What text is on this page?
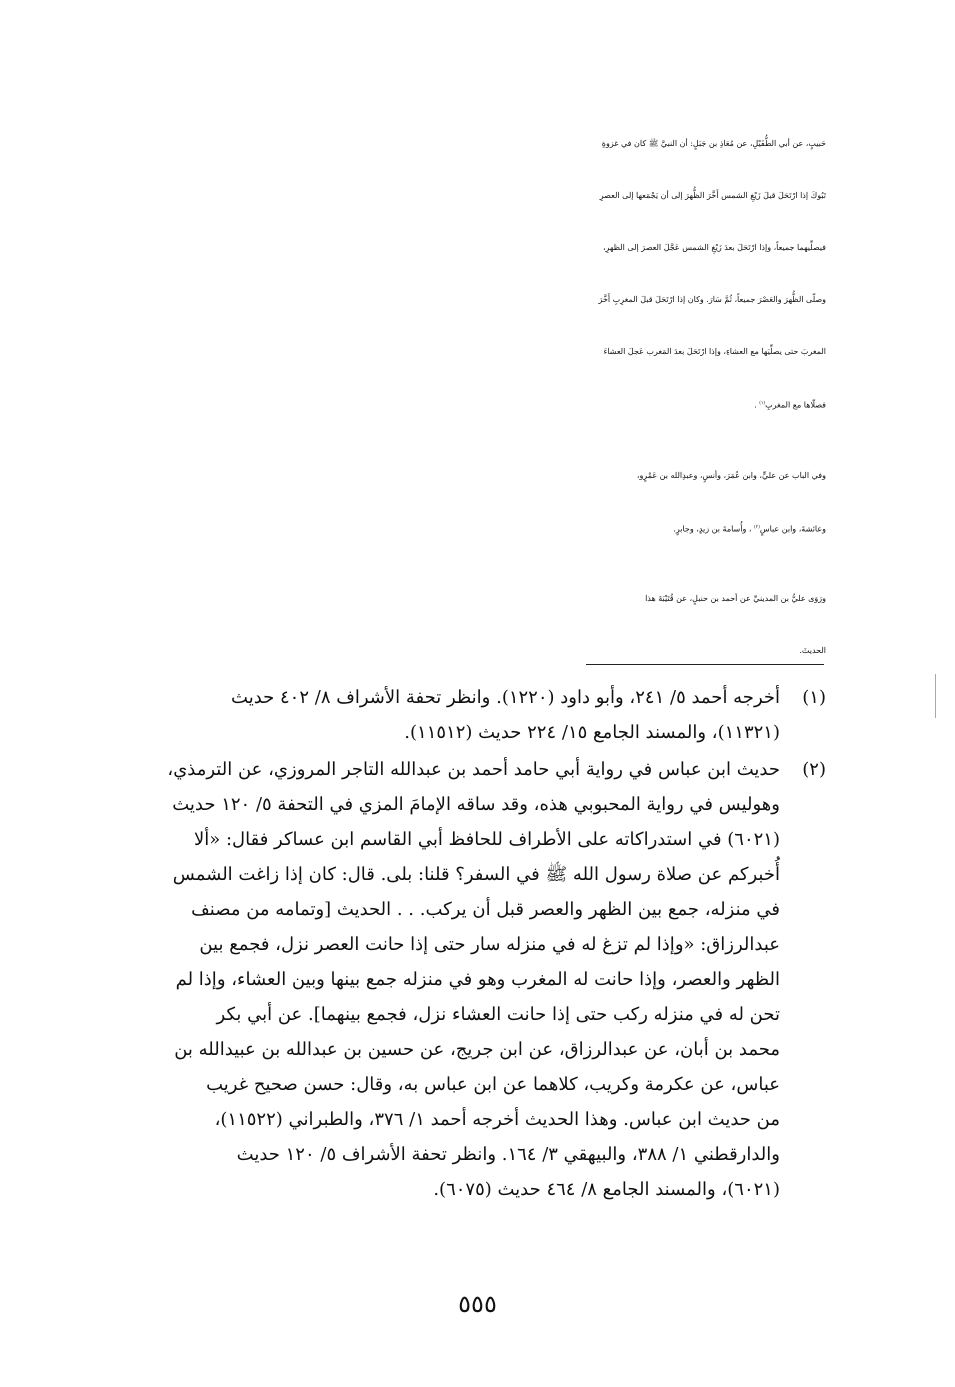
حَبيبٍ، عن أبي الطُّفَيْلِ، عن مُعَاذِ بن جَبَلٍ: أن النبيَّ ﷺ كان في غزوةِ
تَبُوكَ إذا ارْتَحَلَ قبلَ زَيْغِ الشمس أَخَّرَ الظُّهرَ إلى أن يَجْمَعها إلى العصرِ
فيصلِّيهما جميعاً، وإذا ارْتَحَلَ بعدَ زَيْغِ الشمس عَجَّلَ العصرَ إلى الظهرِ،
وصلّى الظُّهرَ والعَصْرَ جميعاً، ثُمَّ سَارَ. وكان إذا ارْتَحَلَ قبلَ المغرِبِ أَخَّرَ
المغربَ حتى يصلِّيَها مع العشاءِ، وإذا ارْتَحَلَ بعدَ المَغرب عَجلَ العشاءَ
فصلّاها مع المغربِ$^{(١)}$ .

وفي الباب عن عليٍّ، وابن عُمَرَ، وأنسٍ، وعبدِالله بن عَمْرٍو،
وعائشةَ، وابن عباسٍ$^{(٢)}$ ، وأُسامةَ بن زيدٍ، وجابرٍ.

ورَوَى عليُّ بن المدينيِّ عن أحمد بن حنبلٍ، عن قُتَيْبَةَ هذا
الحديثَ.

(١)
أخرجه أحمد ٥/ ٢٤١، وأبو داود (١٢٢٠). وانظر تحفة الأشراف ٨/ ٤٠٢ حديث
(١١٣٢١)، والمسند الجامع ١٥/ ٢٢٤ حديث (١١٥١٢).
(٢)
حديث ابن عباس في رواية أبي حامد أحمد بن عبدالله التاجر المروزي، عن الترمذي،
وهوليس في رواية المحبوبي هذه، وقد ساقه الإمامَ المزي في التحفة ٥/ ١٢٠ حديث
(٦٠٢١) في استدراكاته على الأطراف للحافظ أبي القاسم ابن عساكر فقال: «ألا
أُخبركم عن صلاة رسول الله ﷺ في السفر؟ قلنا: بلى. قال: كان إذا زاغت الشمس
في منزله، جمع بين الظهر والعصر قبل أن يركب. . . الحديث [وتمامه من مصنف
عبدالرزاق: «وإذا لم تزغ له في منزله سار حتى إذا حانت العصر نزل، فجمع بين
الظهر والعصر، وإذا حانت له المغرب وهو في منزله جمع بينها وبين العشاء، وإذا لم
تحن له في منزله ركب حتى إذا حانت العشاء نزل، فجمع بينهما]. عن أبي بكر
محمد بن أبان، عن عبدالرزاق، عن ابن جريج، عن حسين بن عبدالله بن عبيدالله بن
عباس، عن عكرمة وكريب، كلاهما عن ابن عباس به، وقال: حسن صحيح غريب
من حديث ابن عباس. وهذا الحديث أخرجه أحمد ١/ ٣٧٦، والطبراني (١١٥٢٢)،
والدارقطني ١/ ٣٨٨، والبيهقي ٣/ ١٦٤. وانظر تحفة الأشراف ٥/ ١٢٠ حديث
(٦٠٢١)، والمسند الجامع ٨/ ٤٦٤ حديث (٦٠٧٥).
٥٥٥
